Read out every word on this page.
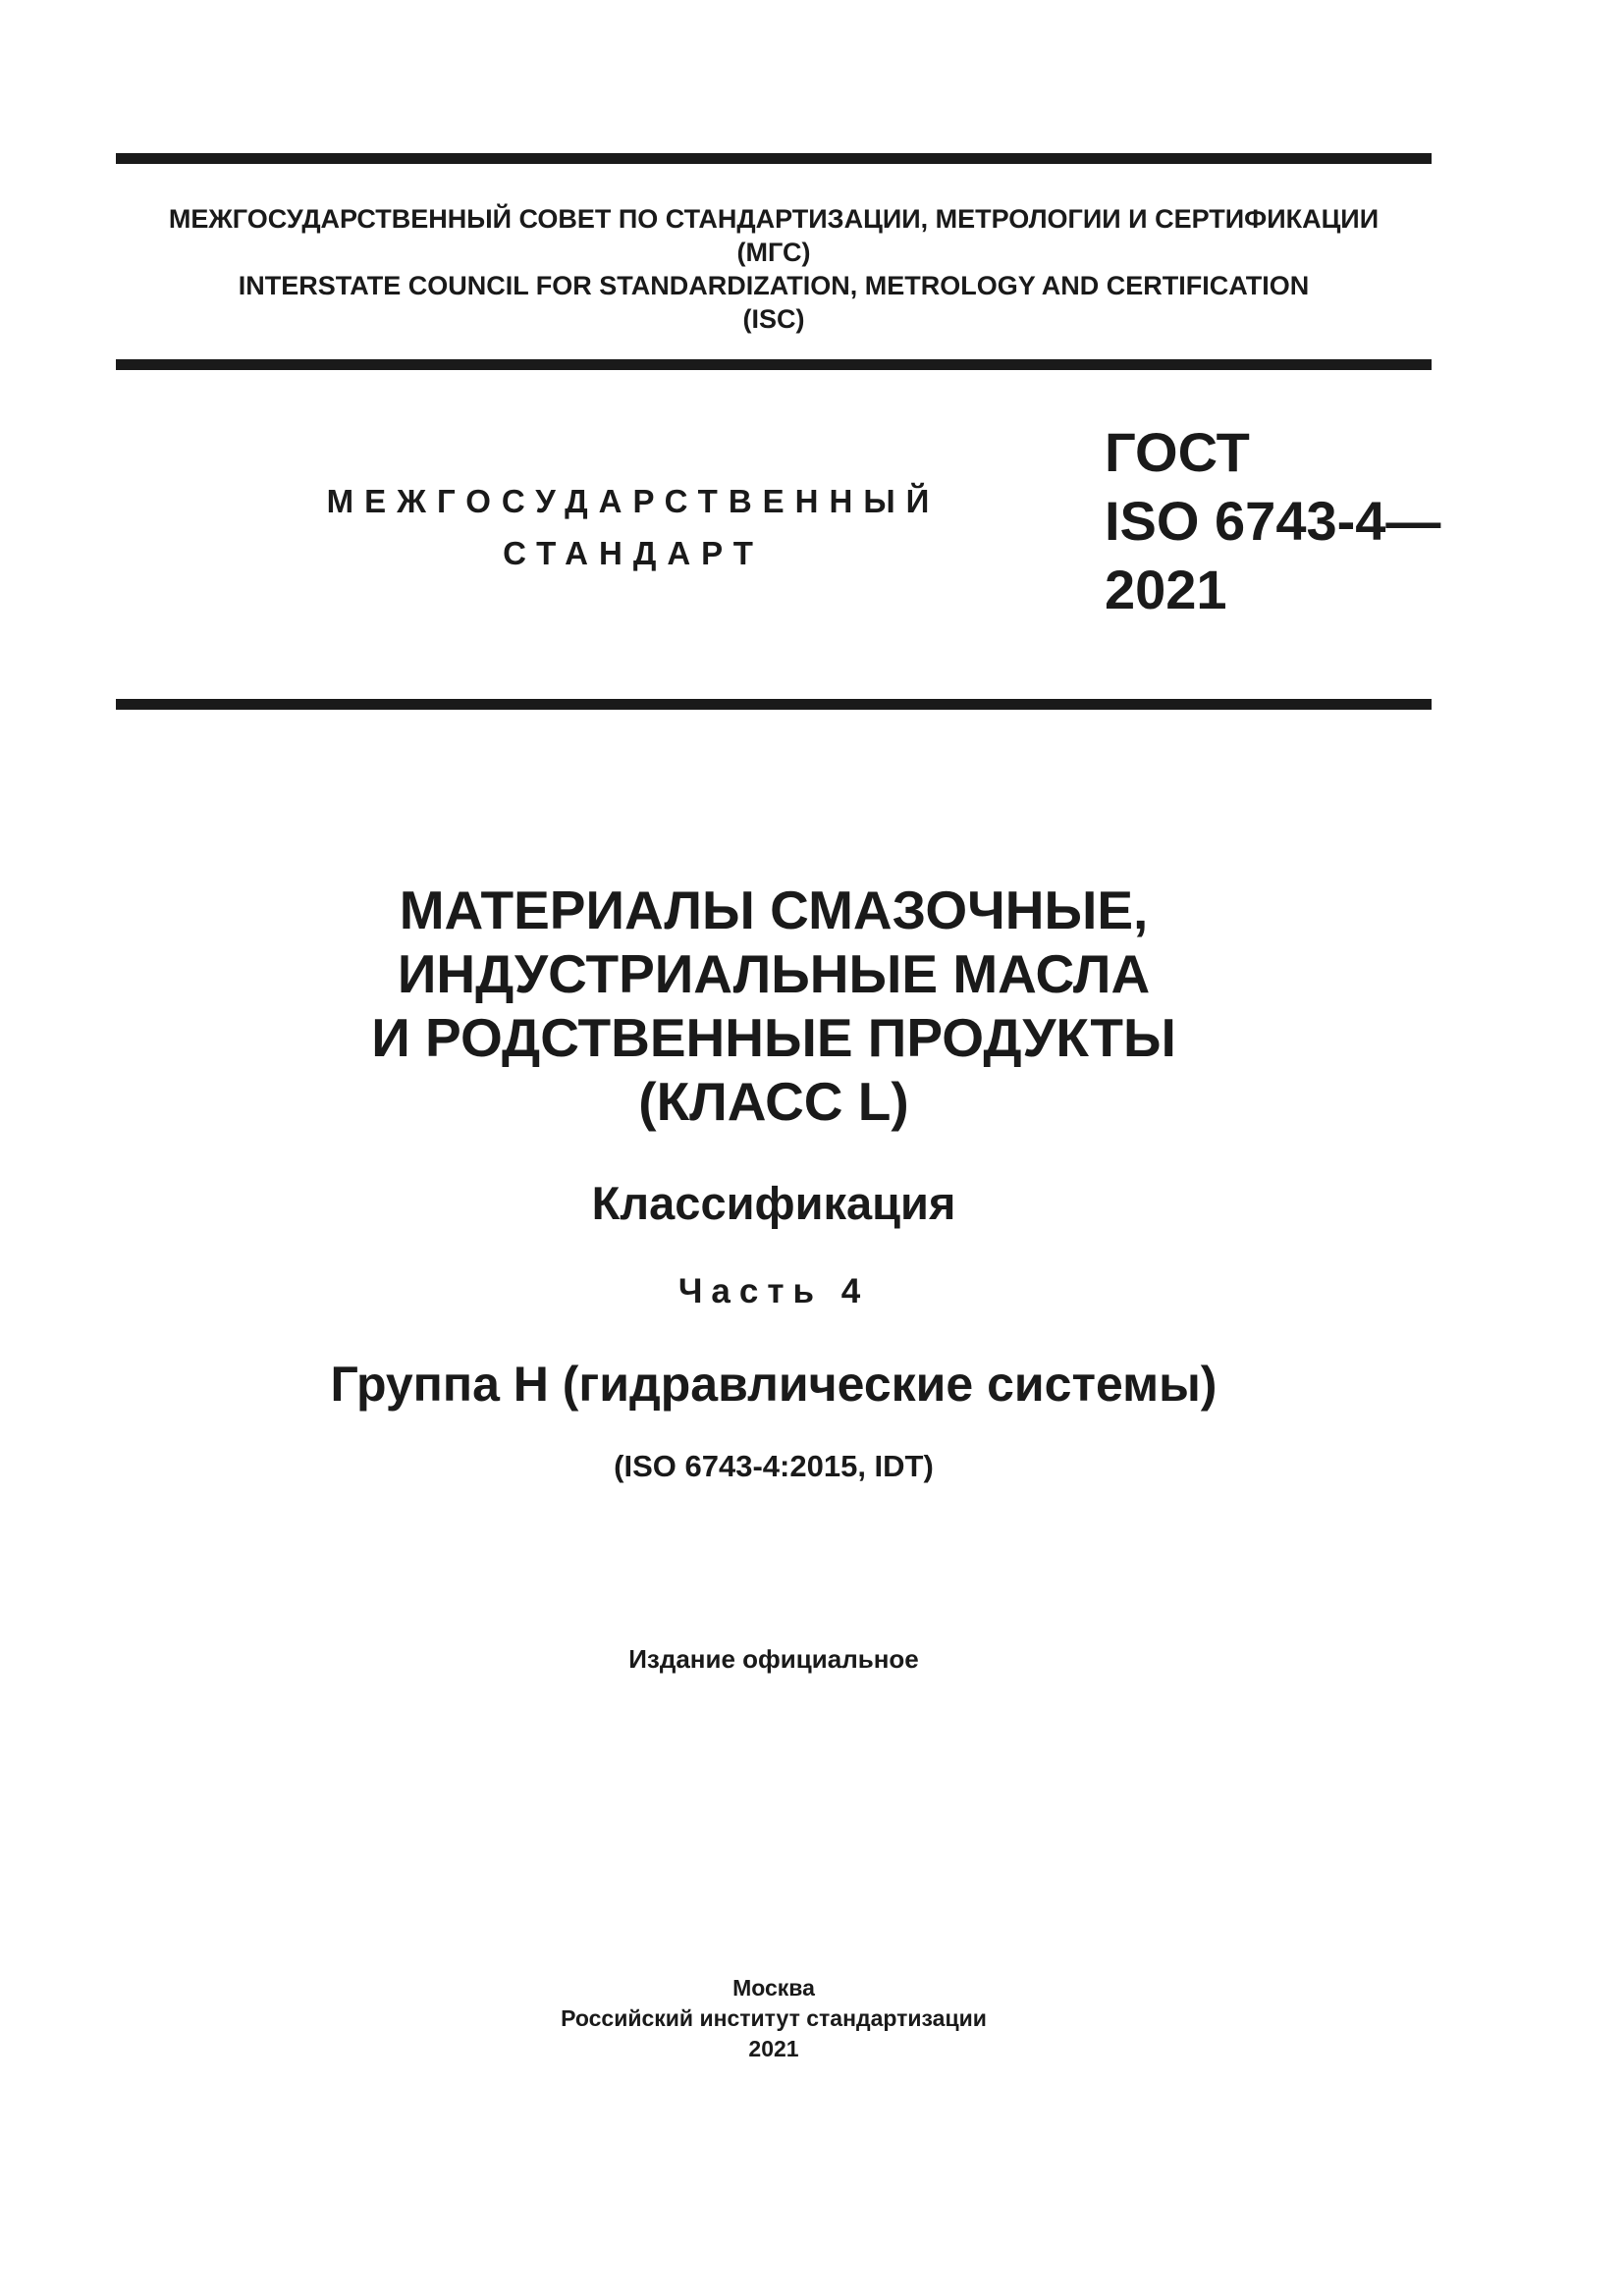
МЕЖГОСУДАРСТВЕННЫЙ СОВЕТ ПО СТАНДАРТИЗАЦИИ, МЕТРОЛОГИИ И СЕРТИФИКАЦИИ
(МГС)
INTERSTATE COUNCIL FOR STANDARDIZATION, METROLOGY AND CERTIFICATION
(ISC)
МЕЖГОСУДАРСТВЕННЫЙ
СТАНДАРТ
ГОСТ
ISO 6743-4—
2021
МАТЕРИАЛЫ СМАЗОЧНЫЕ,
ИНДУСТРИАЛЬНЫЕ МАСЛА
И РОДСТВЕННЫЕ ПРОДУКТЫ
(КЛАСС L)
Классификация
Часть 4
Группа Н (гидравлические системы)
(ISO 6743-4:2015, IDT)
Издание официальное
Москва
Российский институт стандартизации
2021
